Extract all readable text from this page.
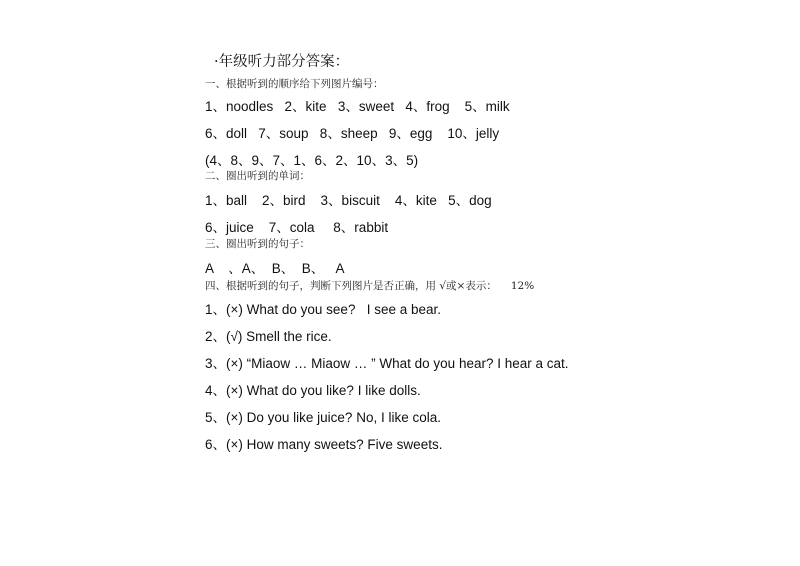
·年级听力部分答案：
一、根据听到的顺序给下列图片编号：
1、noodles   2、kite   3、sweet   4、frog    5、milk
6、doll   7、soup   8、sheep   9、egg    10、jelly
(4、8、9、7、1、6、2、10、3、5)
二、圈出听到的单词：
1、ball    2、bird    3、biscuit    4、kite   5、dog
6、juice    7、cola     8、rabbit
三、圈出听到的句子：
A    、A、  B、  B、   A
四、根据听到的句子，判断下列图片是否正确，用 √或×表示： 12%
1、(×) What do you see?   I see a bear.
2、(√) Smell the rice.
3、(×) “Miaow … Miaow … ” What do you hear? I hear a cat.
4、(×) What do you like? I like dolls.
5、(×) Do you like juice? No, I like cola.
6、(×) How many sweets? Five sweets.
